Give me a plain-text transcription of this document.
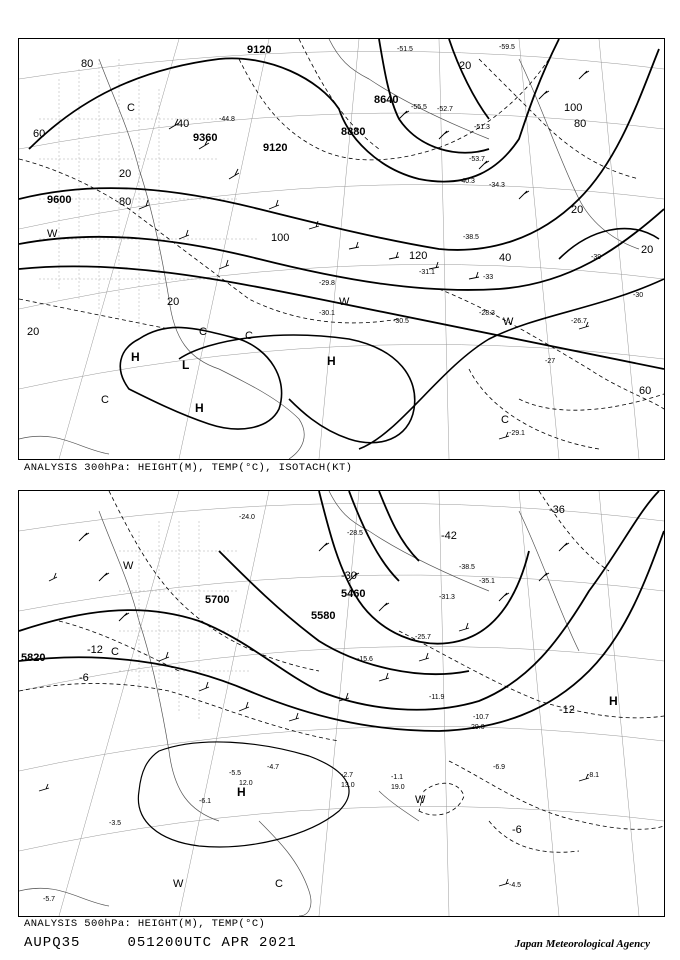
9120
8640
8880
9360
9120
9600
80
60
40
20
100
120
100
80
40
20
20
20
20
60
20
80
H
L
H
H
C
C	C
C
C
W
W
W
-51.5	-59.5
-52.7
-55.5
-53.7
-51.3
-44.8
-40.3
-34.3
-38.5
-31.1
-30.1
-30.5
-29.8
-28.3
-26.7
-29.1
-39
-33
-27
-30
ANALYSIS 300hPa: HEIGHT(M), TEMP(°C), ISOTACH(KT)
5700	5460
5580
5820
-42
-36
-30
-12
-12
-6
-6
H
H
C
C
W
W
W
-24.0
-28.5
-31.3
-38.5
-35.1
-25.7
-15.6
-11.9
-10.7
-6.9
-8.1
-4.5
-3.5
-5.7
-1.1
-6.1
-5.5
-4.7
-2.7
29.0
19.0
13.0
12.0
ANALYSIS 500hPa: HEIGHT(M), TEMP(°C)
AUPQ35	051200UTC APR 2021	Japan Meteorological Agency
